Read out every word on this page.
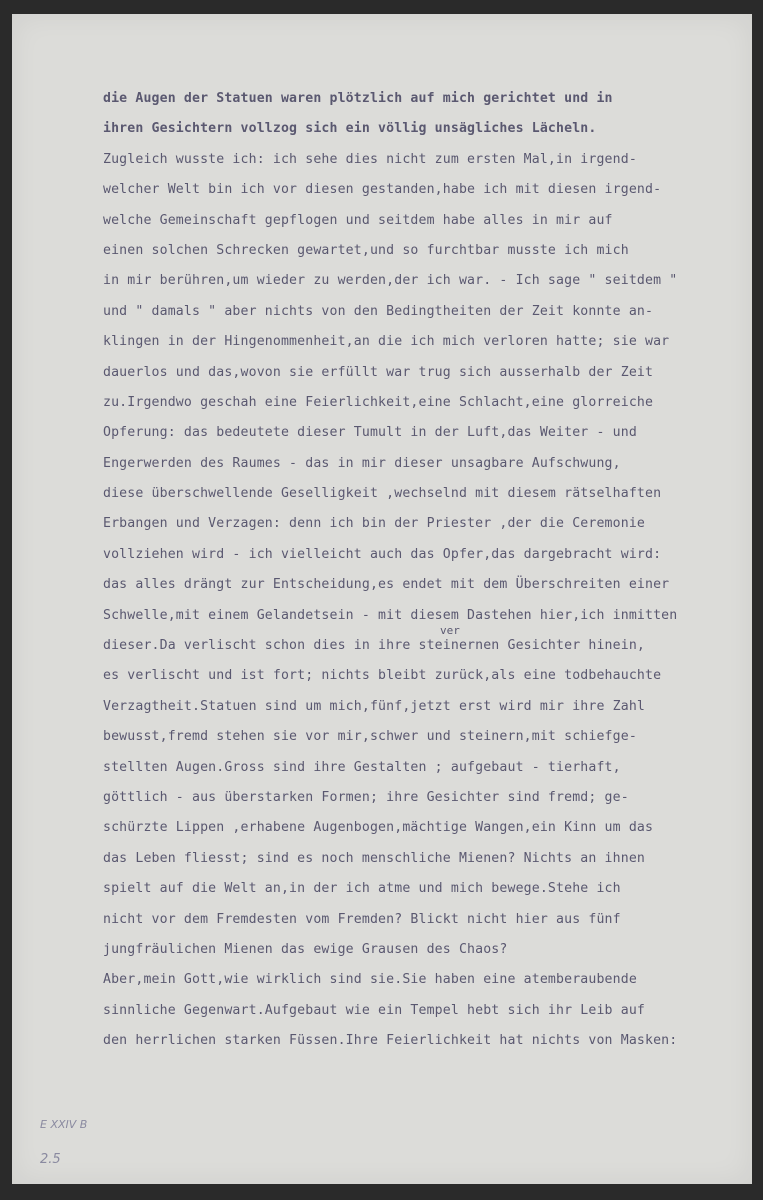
die Augen der Statuen waren plötzlich auf mich gerichtet und in
ihren Gesichtern vollzog sich ein völlig unsägliches Lächeln.
Zugleich wusste ich: ich sehe dies nicht zum ersten Mal,in irgend-
welcher Welt bin ich vor diesen gestanden,habe ich mit diesen irgend-
welche Gemeinschaft gepflogen und seitdem habe alles in mir auf
einen solchen Schrecken gewartet,und so furchtbar musste ich mich
in mir berühren,um wieder zu werden,der ich war. - Ich sage " seitdem "
und " damals " aber nichts von den Bedingtheiten der Zeit konnte an-
klingen in der Hingenommenheit,an die ich mich verloren hatte; sie war
dauerlos und das,wovon sie erfüllt war trug sich ausserhalb der Zeit
zu.Irgendwo geschah eine Feierlichkeit,eine Schlacht,eine glorreiche
Opferung: das bedeutete dieser Tumult in der Luft,das Weiter - und
Engerwerden des Raumes - das in mir dieser unsagbare Aufschwung,
diese überschwellende Geselligkeit ,wechselnd mit diesem rätselhaften
Erbangen und Verzagen: denn ich bin der Priester ,der die Ceremonie
vollziehen wird - ich vielleicht auch das Opfer,das dargebracht wird:
das alles drängt zur Entscheidung,es endet mit dem Überschreiten einer
Schwelle,mit einem Gelandetsein - mit diesem Dastehen hier,ich inmitten
dieser.Da verlischt schon dies in ihre steinernen Gesichter hinein,
es verlischt und ist fort; nichts bleibt zurück,als eine todbehauchte
Verzagtheit.Statuen sind um mich,fünf,jetzt erst wird mir ihre Zahl
bewusst,fremd stehen sie vor mir,schwer und steinern,mit schiefge-
stellten Augen.Gross sind ihre Gestalten ; aufgebaut - tierhaft,
göttlich - aus überstarken Formen; ihre Gesichter sind fremd; ge-
schürzte Lippen ,erhabene Augenbogen,mächtige Wangen,ein Kinn um das
das Leben fliesst; sind es noch menschliche Mienen? Nichts an ihnen
spielt auf die Welt an,in der ich atme und mich bewege.Stehe ich
nicht vor dem Fremdesten vom Fremden? Blickt nicht hier aus fünf
jungfräulichen Mienen das ewige Grausen des Chaos?
Aber,mein Gott,wie wirklich sind sie.Sie haben eine atemberaubende
sinnliche Gegenwart.Aufgebaut wie ein Tempel hebt sich ihr Leib auf
den herrlichen starken Füssen.Ihre Feierlichkeit hat nichts von Masken:
ver
E XXIV B
2.5
